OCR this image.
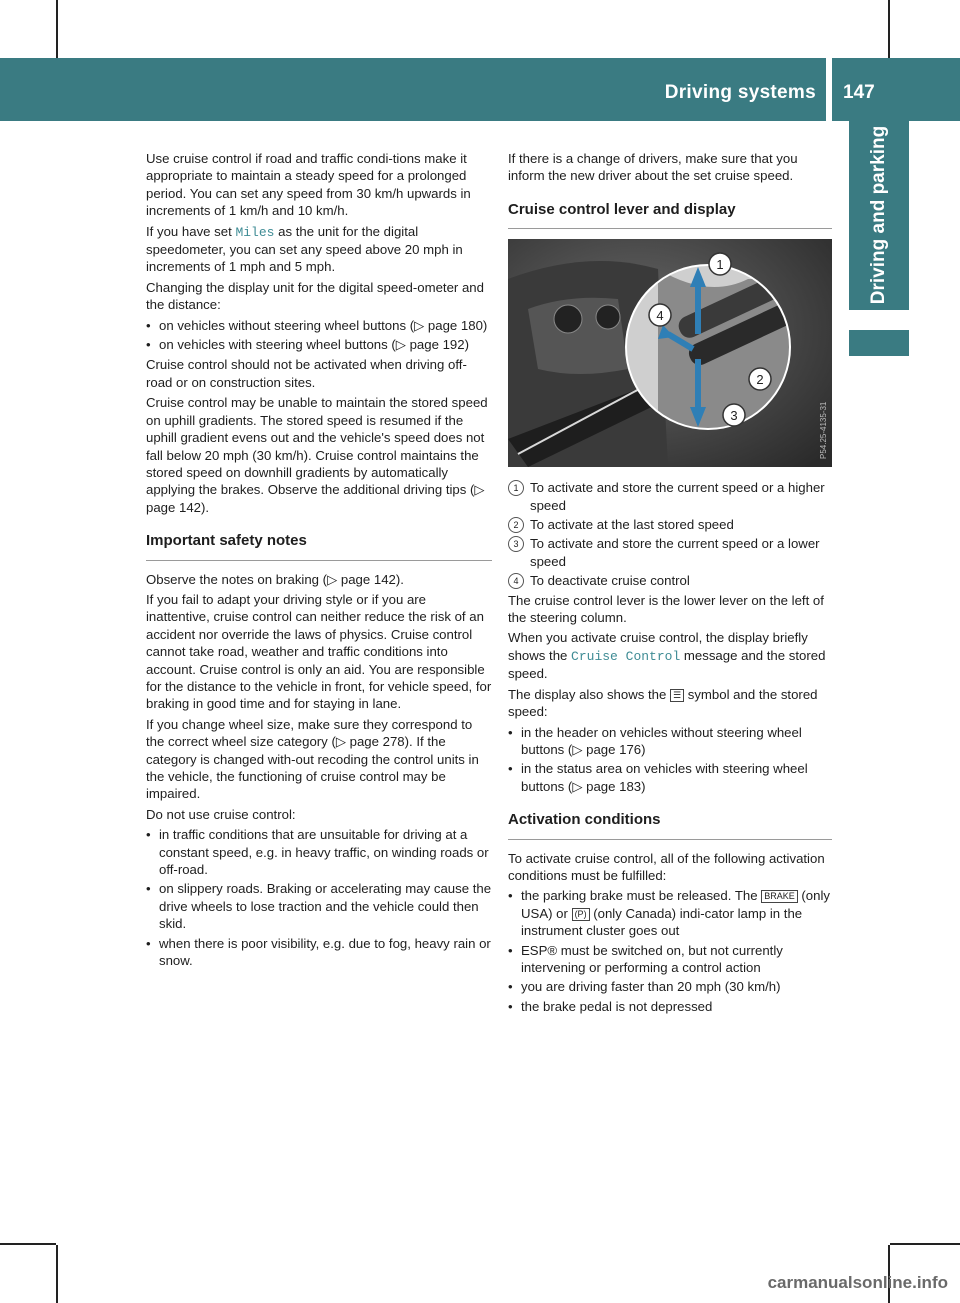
Driving systems 147
Driving and parking

Use cruise control if road and traffic condi-tions make it appropriate to maintain a steady speed for a prolonged period. You can set any speed from 30 km/h upwards in increments of 1 km/h and 10 km/h.

If you have set Miles as the unit for the digital speedometer, you can set any speed above 20 mph in increments of 1 mph and 5 mph.

Changing the display unit for the digital speed-ometer and the distance:

• on vehicles without steering wheel buttons (▷ page 180)
• on vehicles with steering wheel buttons (▷ page 192)

Cruise control should not be activated when driving off-road or on construction sites.

Cruise control may be unable to maintain the stored speed on uphill gradients. The stored speed is resumed if the uphill gradient evens out and the vehicle's speed does not fall below 20 mph (30 km/h). Cruise control maintains the stored speed on downhill gradients by automatically applying the brakes. Observe the additional driving tips (▷ page 142).

Important safety notes

Observe the notes on braking (▷ page 142).

If you fail to adapt your driving style or if you are inattentive, cruise control can neither reduce the risk of an accident nor override the laws of physics. Cruise control cannot take road, weather and traffic conditions into account. Cruise control is only an aid. You are responsible for the distance to the vehicle in front, for vehicle speed, for braking in good time and for staying in lane.

If you change wheel size, make sure they correspond to the correct wheel size category (▷ page 278). If the category is changed with-out recoding the control units in the vehicle, the functioning of cruise control may be impaired.

Do not use cruise control:

• in traffic conditions that are unsuitable for driving at a constant speed, e.g. in heavy traffic, on winding roads or off-road.
• on slippery roads. Braking or accelerating may cause the drive wheels to lose traction and the vehicle could then skid.
• when there is poor visibility, e.g. due to fog, heavy rain or snow.

If there is a change of drivers, make sure that you inform the new driver about the set cruise speed.

Cruise control lever and display
1
2
3
4
P54.25-4135-31
1 To activate and store the current speed or a higher speed
2 To activate at the last stored speed
3 To activate and store the current speed or a lower speed
4 To deactivate cruise control

The cruise control lever is the lower lever on the left of the steering column.

When you activate cruise control, the display briefly shows the Cruise Control message and the stored speed.

The display also shows the ☰ symbol and the stored speed:

• in the header on vehicles without steering wheel buttons (▷ page 176)
• in the status area on vehicles with steering wheel buttons (▷ page 183)
Activation conditions

To activate cruise control, all of the following activation conditions must be fulfilled:

• the parking brake must be released. The BRAKE (only USA) or (P) (only Canada) indi-cator lamp in the instrument cluster goes out
• ESP® must be switched on, but not currently intervening or performing a control action
• you are driving faster than 20 mph (30 km/h)
• the brake pedal is not depressed
carmanualsonline.info
